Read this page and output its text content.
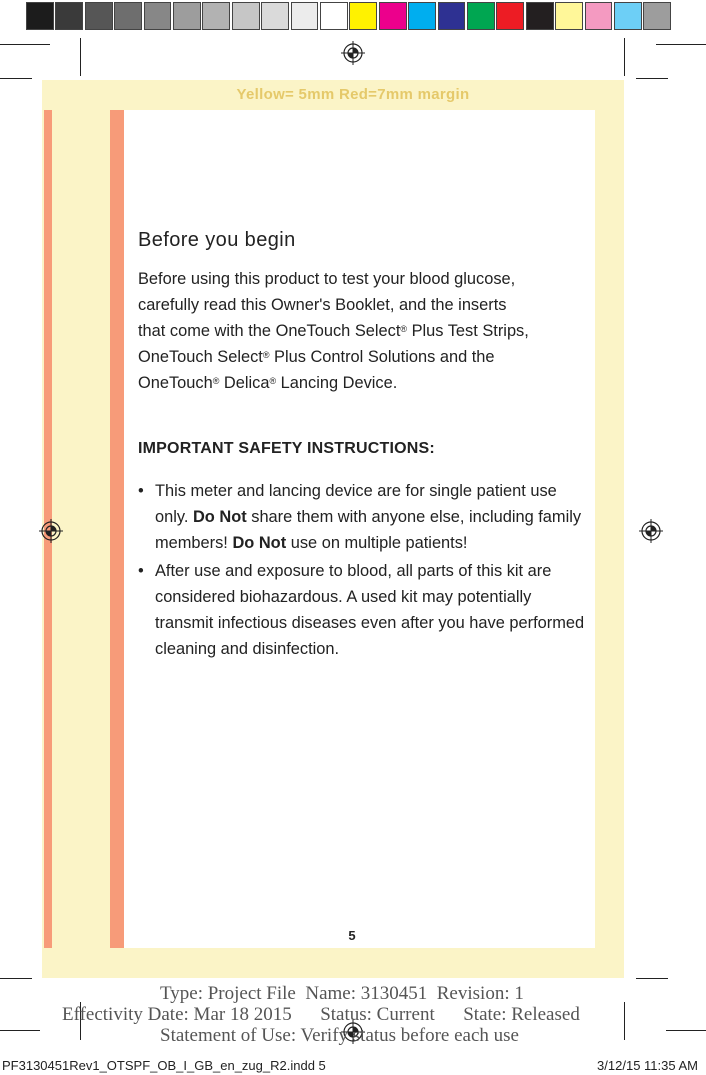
Yellow= 5mm Red=7mm margin
Before you begin

Before using this product to test your blood glucose,

carefully read this Owner's Booklet, and the inserts

that come with the OneTouch Select® Plus Test Strips,

OneTouch Select® Plus Control Solutions and the

OneTouch® Delica® Lancing Device.

IMPORTANT SAFETY INSTRUCTIONS:
• This meter and lancing device are for single patient use only. Do Not share them with anyone else, including family members! Do Not use on multiple patients!
• After use and exposure to blood, all parts of this kit are considered biohazardous. A used kit may potentially transmit infectious diseases even after you have performed cleaning and disinfection.
5
Type: Project File  Name: 3130451  Revision: 1
Effectivity Date: Mar 18 2015      Status: Current      State: Released
Statement of Use: Verify status before each use
PF3130451Rev1_OTSPF_OB_I_GB_en_zug_R2.indd 5	3/12/15 11:35 AM
